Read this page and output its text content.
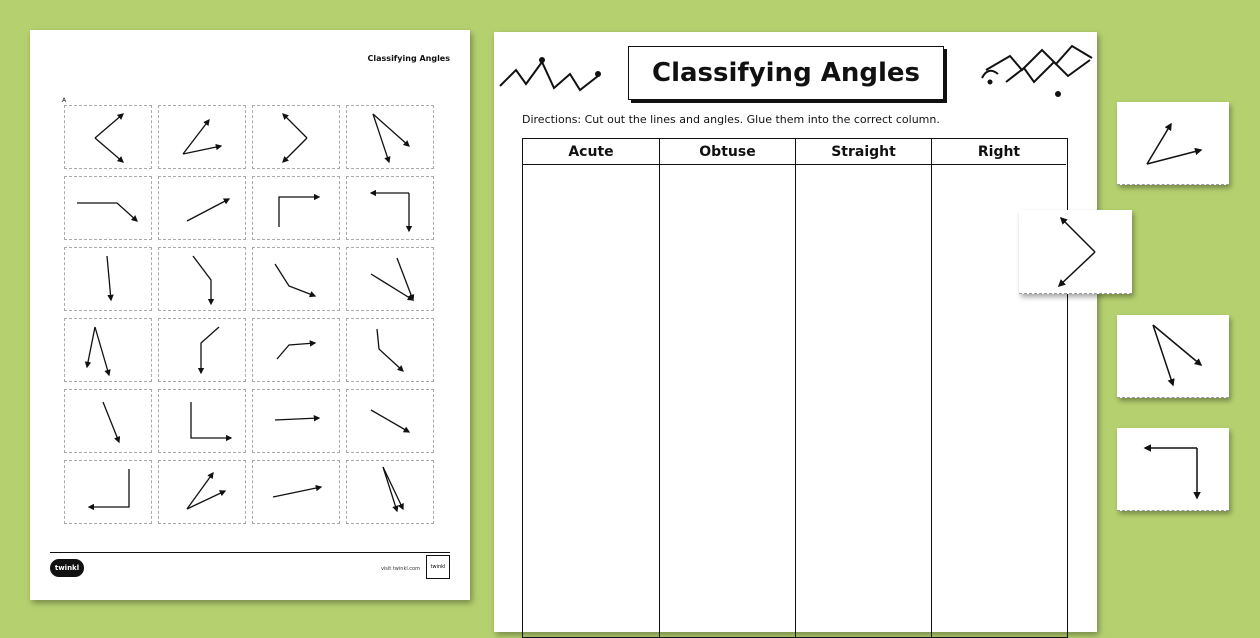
Classifying Angles
A
twinkl	visit twinkl.com	twinkl
Classifying Angles
Directions: Cut out the lines and angles. Glue them into the correct column.
Acute	Obtuse	Straight	Right
